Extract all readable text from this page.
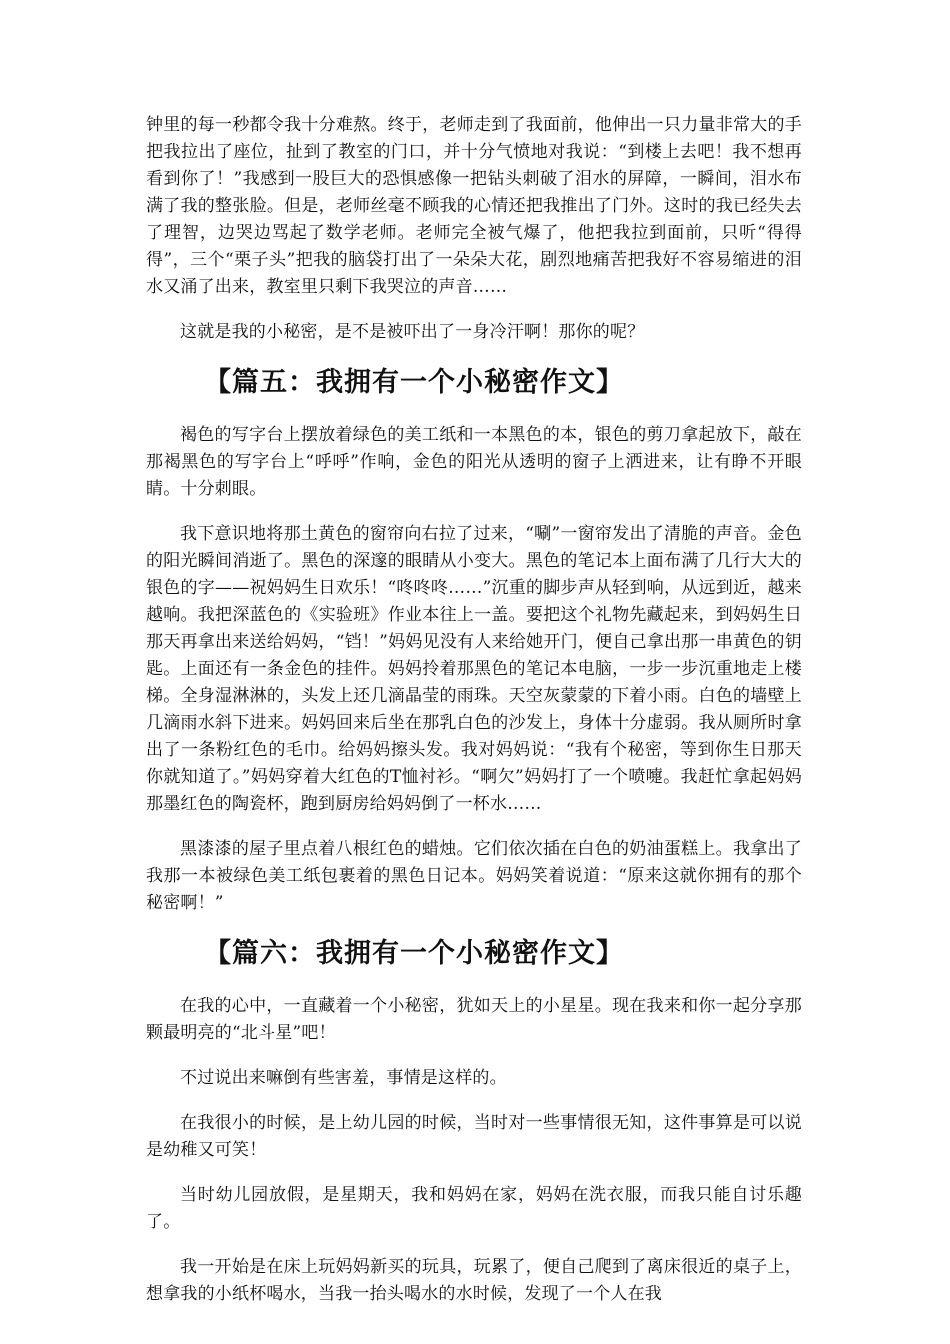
钟里的每一秒都令我十分难熬。终于，老师走到了我面前，他伸出一只力量非常大的手把我拉出了座位，扯到了教室的门口，并十分气愤地对我说：“到楼上去吧！我不想再看到你了！”我感到一股巨大的恐惧感像一把钻头刺破了泪水的屏障，一瞬间，泪水布满了我的整张脸。但是，老师丝毫不顾我的心情还把我推出了门外。这时的我已经失去了理智，边哭边骂起了数学老师。老师完全被气爆了，他把我拉到面前，只听“得得得”，三个“栗子头”把我的脑袋打出了一朵朵大花，剧烈地痛苦把我好不容易缩进的泪水又涌了出来，教室里只剩下我哭泣的声音……

这就是我的小秘密，是不是被吓出了一身冷汗啊！那你的呢？

【篇五：我拥有一个小秘密作文】

褐色的写字台上摆放着绿色的美工纸和一本黑色的本，银色的剪刀拿起放下，敲在那褐黑色的写字台上“呼呼”作响，金色的阳光从透明的窗子上洒进来，让有睁不开眼睛。十分刺眼。

我下意识地将那土黄色的窗帘向右拉了过来，“唰”一窗帘发出了清脆的声音。金色的阳光瞬间消逝了。黑色的深邃的眼睛从小变大。黑色的笔记本上面布满了几行大大的银色的字——祝妈妈生日欢乐！“咚咚咚……”沉重的脚步声从轻到响，从远到近，越来越响。我把深蓝色的《实验班》作业本往上一盖。要把这个礼物先藏起来，到妈妈生日那天再拿出来送给妈妈，“铛！”妈妈见没有人来给她开门，便自己拿出那一串黄色的钥匙。上面还有一条金色的挂件。妈妈拎着那黑色的笔记本电脑，一步一步沉重地走上楼梯。全身湿淋淋的，头发上还几滴晶莹的雨珠。天空灰蒙蒙的下着小雨。白色的墙壁上几滴雨水斜下进来。妈妈回来后坐在那乳白色的沙发上，身体十分虚弱。我从厕所时拿出了一条粉红色的毛巾。给妈妈擦头发。我对妈妈说：“我有个秘密，等到你生日那天你就知道了。”妈妈穿着大红色的T恤衬衫。“啊欠”妈妈打了一个喷嚏。我赶忙拿起妈妈那墨红色的陶瓷杯，跑到厨房给妈妈倒了一杯水……

黑漆漆的屋子里点着八根红色的蜡烛。它们依次插在白色的奶油蛋糕上。我拿出了我那一本被绿色美工纸包裹着的黑色日记本。妈妈笑着说道：“原来这就你拥有的那个秘密啊！”

【篇六：我拥有一个小秘密作文】

在我的心中，一直藏着一个小秘密，犹如天上的小星星。现在我来和你一起分享那颗最明亮的“北斗星”吧！

不过说出来嘛倒有些害羞，事情是这样的。

在我很小的时候，是上幼儿园的时候，当时对一些事情很无知，这件事算是可以说是幼稚又可笑！

当时幼儿园放假，是星期天，我和妈妈在家，妈妈在洗衣服，而我只能自讨乐趣了。

我一开始是在床上玩妈妈新买的玩具，玩累了，便自己爬到了离床很近的桌子上，想拿我的小纸杯喝水，当我一抬头喝水的水时候，发现了一个人在我
